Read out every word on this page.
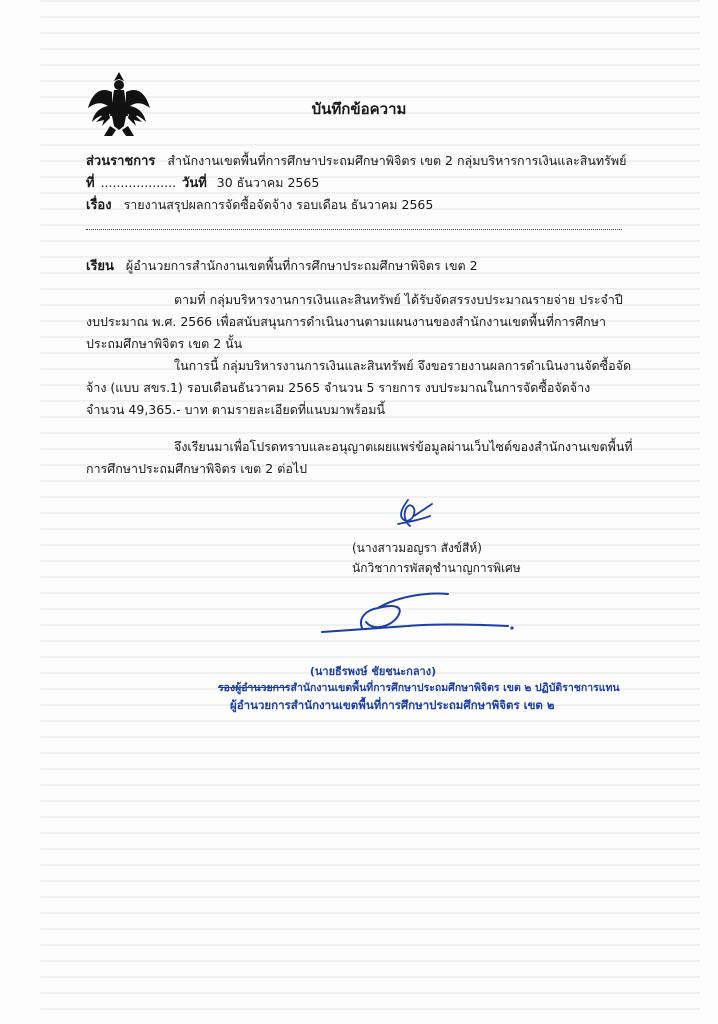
บันทึกข้อความ
ส่วนราชการ สำนักงานเขตพื้นที่การศึกษาประถมศึกษาพิจิตร เขต 2 กลุ่มบริหารการเงินและสินทรัพย์
ที่ ................... วันที่ 30 ธันวาคม 2565
เรื่อง รายงานสรุปผลการจัดซื้อจัดจ้าง รอบเดือน ธันวาคม 2565
เรียน ผู้อำนวยการสำนักงานเขตพื้นที่การศึกษาประถมศึกษาพิจิตร เขต 2
ตามที่ กลุ่มบริหารงานการเงินและสินทรัพย์ ได้รับจัดสรรงบประมาณรายจ่าย ประจำปี
งบประมาณ พ.ศ. 2566 เพื่อสนับสนุนการดำเนินงานตามแผนงานของสำนักงานเขตพื้นที่การศึกษา
ประถมศึกษาพิจิตร เขต 2 นั้น
ในการนี้ กลุ่มบริหารงานการเงินและสินทรัพย์ จึงขอรายงานผลการดำเนินงานจัดซื้อจัด
จ้าง (แบบ สขร.1) รอบเดือนธันวาคม 2565 จำนวน 5 รายการ งบประมาณในการจัดซื้อจัดจ้าง
จำนวน 49,365.- บาท ตามรายละเอียดที่แนบมาพร้อมนี้
จึงเรียนมาเพื่อโปรดทราบและอนุญาตเผยแพร่ข้อมูลผ่านเว็บไซต์ของสำนักงานเขตพื้นที่
การศึกษาประถมศึกษาพิจิตร เขต 2 ต่อไป
(นางสาวมอญรา สังข์สีห์)
นักวิชาการพัสดุชำนาญการพิเศษ
(นายธีรพงษ์ ชัยชนะกลาง)
รองผู้อำนวยการสำนักงานเขตพื้นที่การศึกษาประถมศึกษาพิจิตร เขต ๒ ปฏิบัติราชการแทน
ผู้อำนวยการสำนักงานเขตพื้นที่การศึกษาประถมศึกษาพิจิตร เขต ๒
